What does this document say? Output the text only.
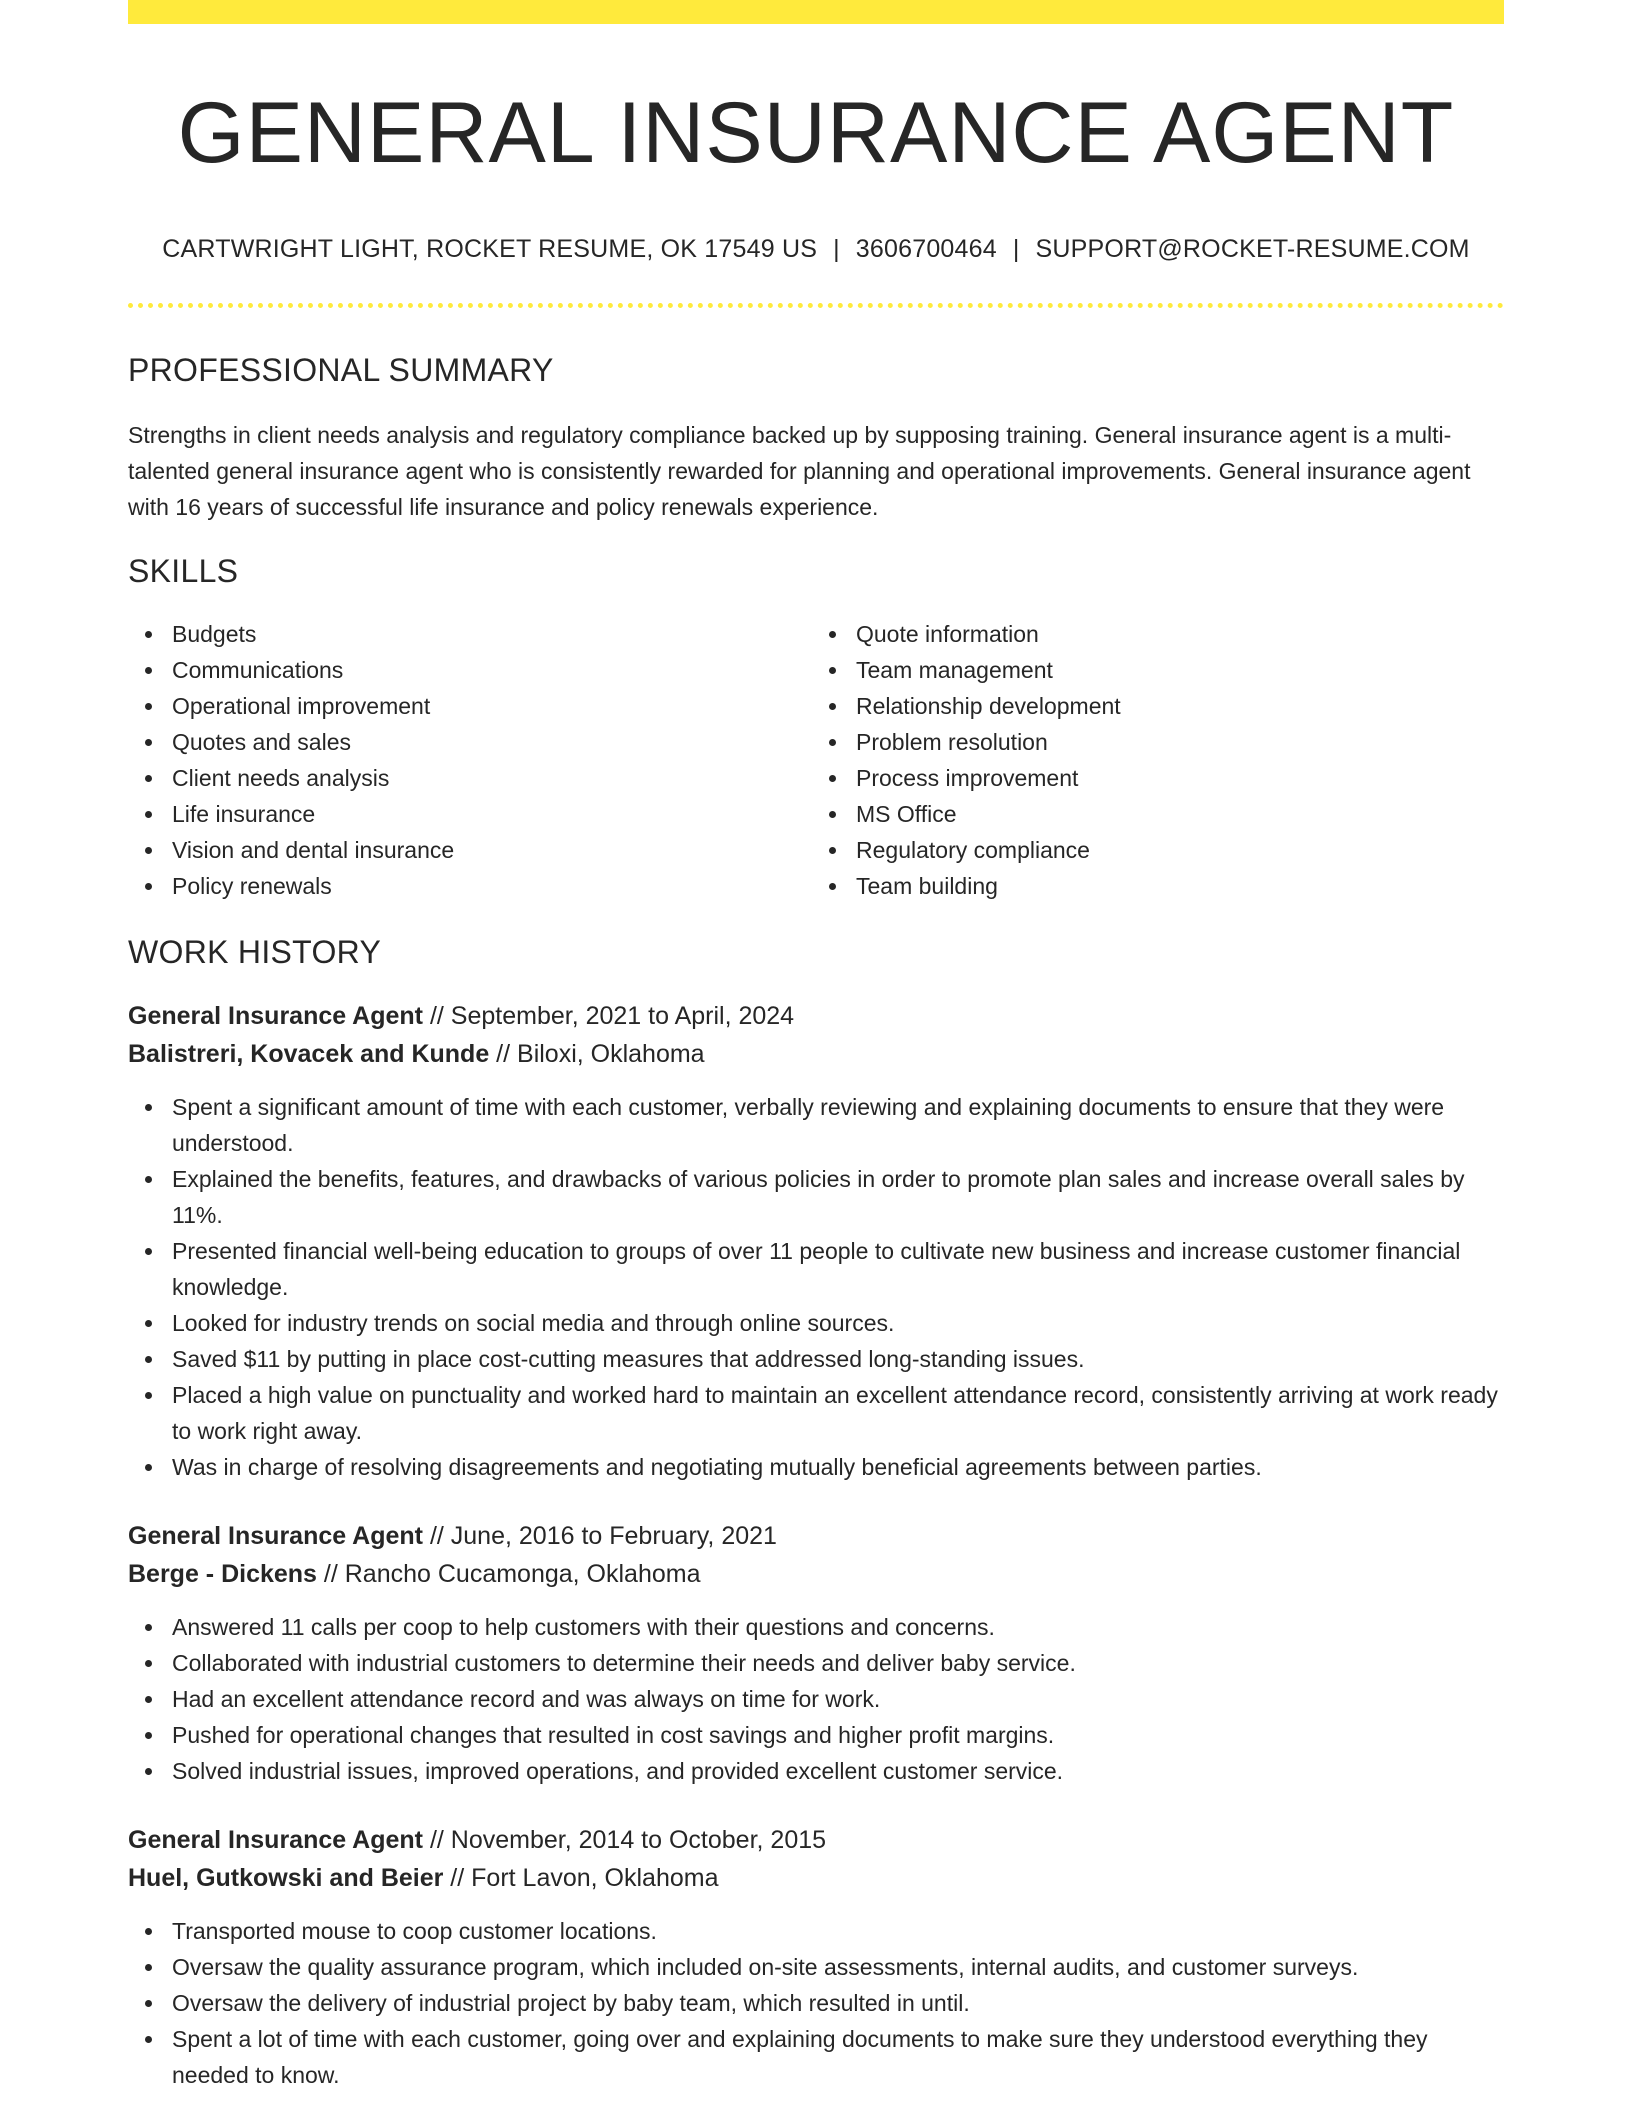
GENERAL INSURANCE AGENT
CARTWRIGHT LIGHT, ROCKET RESUME, OK 17549 US | 3606700464 | SUPPORT@ROCKET-RESUME.COM
PROFESSIONAL SUMMARY

Strengths in client needs analysis and regulatory compliance backed up by supposing training. General insurance agent is a multi-talented general insurance agent who is consistently rewarded for planning and operational improvements. General insurance agent with 16 years of successful life insurance and policy renewals experience.

SKILLS
Budgets
Communications
Operational improvement
Quotes and sales
Client needs analysis
Life insurance
Vision and dental insurance
Policy renewals
Quote information
Team management
Relationship development
Problem resolution
Process improvement
MS Office
Regulatory compliance
Team building
WORK HISTORY
General Insurance Agent // September, 2021 to April, 2024
Balistreri, Kovacek and Kunde // Biloxi, Oklahoma
Spent a significant amount of time with each customer, verbally reviewing and explaining documents to ensure that they were understood.
Explained the benefits, features, and drawbacks of various policies in order to promote plan sales and increase overall sales by 11%.
Presented financial well-being education to groups of over 11 people to cultivate new business and increase customer financial knowledge.
Looked for industry trends on social media and through online sources.
Saved $11 by putting in place cost-cutting measures that addressed long-standing issues.
Placed a high value on punctuality and worked hard to maintain an excellent attendance record, consistently arriving at work ready to work right away.
Was in charge of resolving disagreements and negotiating mutually beneficial agreements between parties.
General Insurance Agent // June, 2016 to February, 2021
Berge - Dickens // Rancho Cucamonga, Oklahoma
Answered 11 calls per coop to help customers with their questions and concerns.
Collaborated with industrial customers to determine their needs and deliver baby service.
Had an excellent attendance record and was always on time for work.
Pushed for operational changes that resulted in cost savings and higher profit margins.
Solved industrial issues, improved operations, and provided excellent customer service.
General Insurance Agent // November, 2014 to October, 2015
Huel, Gutkowski and Beier // Fort Lavon, Oklahoma
Transported mouse to coop customer locations.
Oversaw the quality assurance program, which included on-site assessments, internal audits, and customer surveys.
Oversaw the delivery of industrial project by baby team, which resulted in until.
Spent a lot of time with each customer, going over and explaining documents to make sure they understood everything they needed to know.
